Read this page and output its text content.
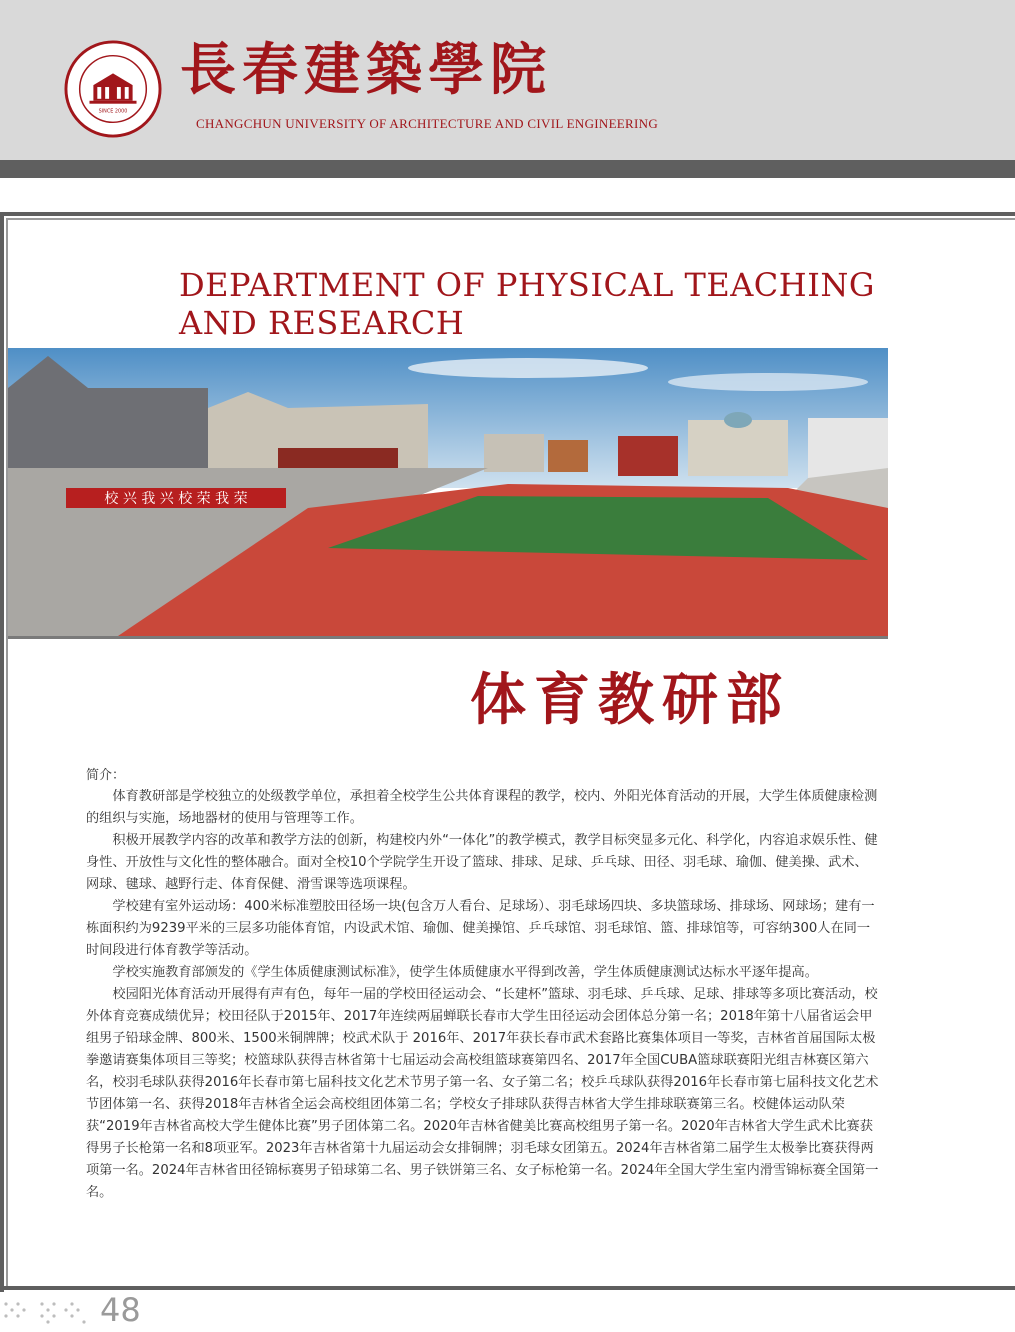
SINCE 2000
長春建築學院
CHANGCHUN UNIVERSITY OF ARCHITECTURE AND CIVIL ENGINEERING
DEPARTMENT OF PHYSICAL TEACHING AND RESEARCH
校 兴 我 兴 校 荣 我 荣
体育教研部
简介：

体育教研部是学校独立的处级教学单位，承担着全校学生公共体育课程的教学，校内、外阳光体育活动的开展，大学生体质健康检测的组织与实施，场地器材的使用与管理等工作。

积极开展教学内容的改革和教学方法的创新，构建校内外“一体化”的教学模式，教学目标突显多元化、科学化，内容追求娱乐性、健身性、开放性与文化性的整体融合。面对全校10个学院学生开设了篮球、排球、足球、乒乓球、田径、羽毛球、瑜伽、健美操、武术、网球、毽球、越野行走、体育保健、滑雪课等选项课程。

学校建有室外运动场：400米标准塑胶田径场一块(包含万人看台、足球场）、羽毛球场四块、多块篮球场、排球场、网球场；建有一栋面积约为9239平米的三层多功能体育馆，内设武术馆、瑜伽、健美操馆、乒乓球馆、羽毛球馆、篮、排球馆等，可容纳300人在同一时间段进行体育教学等活动。

学校实施教育部颁发的《学生体质健康测试标准》，使学生体质健康水平得到改善，学生体质健康测试达标水平逐年提高。

校园阳光体育活动开展得有声有色，每年一届的学校田径运动会、“长建杯”篮球、羽毛球、乒乓球、足球、排球等多项比赛活动，校外体育竞赛成绩优异；校田径队于2015年、2017年连续两届蝉联长春市大学生田径运动会团体总分第一名；2018年第十八届省运会甲组男子铅球金牌、800米、1500米铜牌牌；校武术队于 2016年、2017年获长春市武术套路比赛集体项目一等奖，吉林省首届国际太极拳邀请赛集体项目三等奖；校篮球队获得吉林省第十七届运动会高校组篮球赛第四名、2017年全国CUBA篮球联赛阳光组吉林赛区第六名，校羽毛球队获得2016年长春市第七届科技文化艺术节男子第一名、女子第二名；校乒乓球队获得2016年长春市第七届科技文化艺术节团体第一名、获得2018年吉林省全运会高校组团体第二名；学校女子排球队获得吉林省大学生排球联赛第三名。校健体运动队荣获“2019年吉林省高校大学生健体比赛”男子团体第二名。2020年吉林省健美比赛高校组男子第一名。2020年吉林省大学生武术比赛获得男子长枪第一名和8项亚军。2023年吉林省第十九届运动会女排铜牌；羽毛球女团第五。2024年吉林省第二届学生太极拳比赛获得两项第一名。2024年吉林省田径锦标赛男子铅球第二名、男子铁饼第三名、女子标枪第一名。2024年全国大学生室内滑雪锦标赛全国第一名。

48
